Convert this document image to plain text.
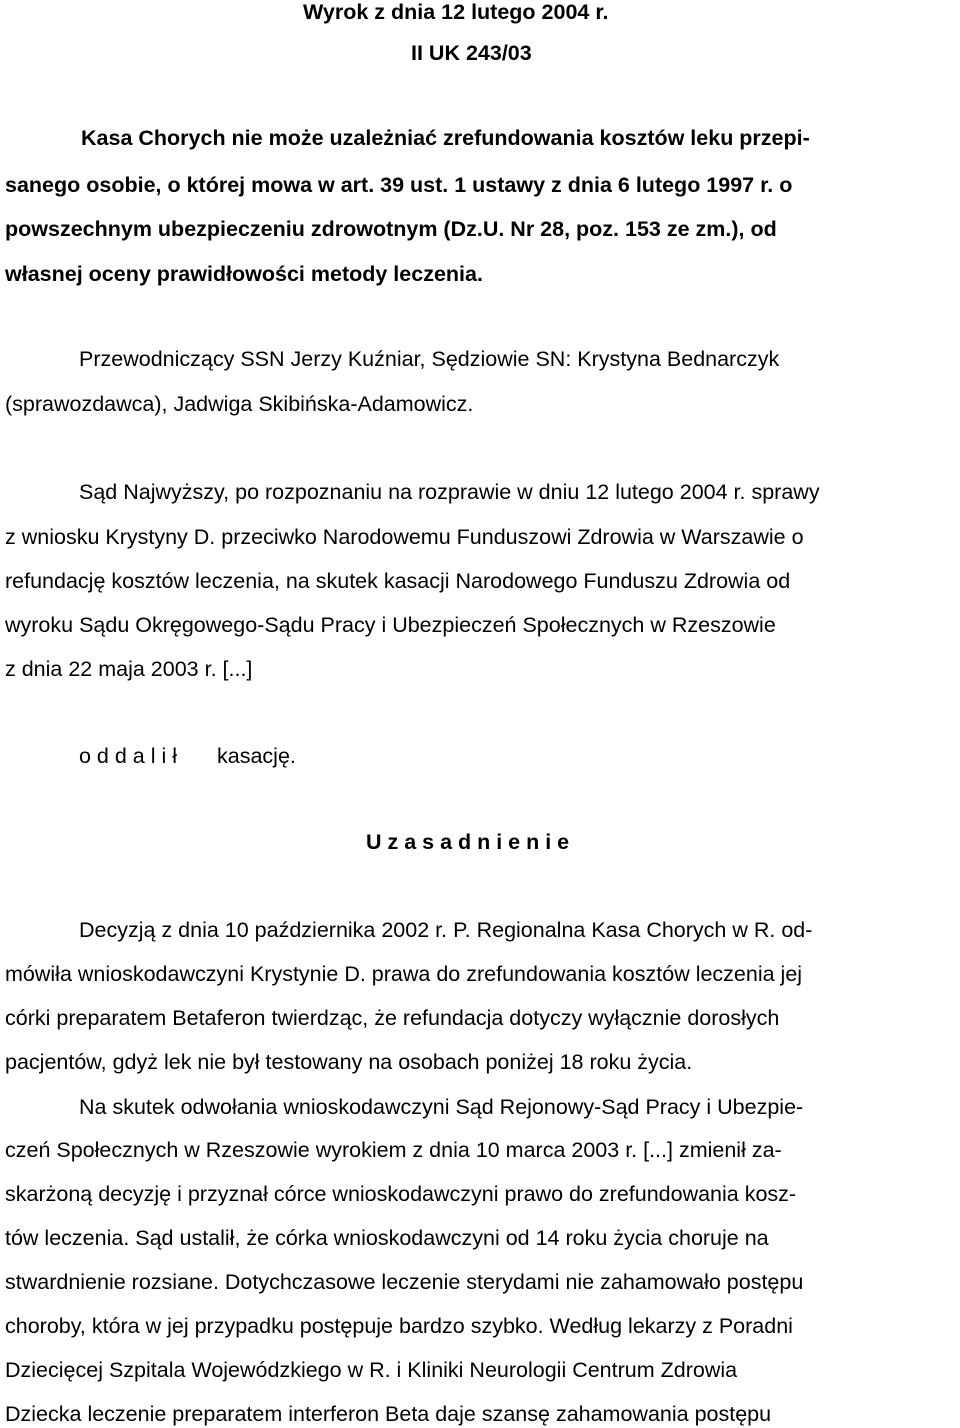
Wyrok z dnia 12 lutego 2004 r.
II UK 243/03
Kasa Chorych nie może uzależniać zrefundowania kosztów leku przepi-
sanego osobie, o której mowa w art. 39 ust. 1 ustawy z dnia 6 lutego 1997 r. o
powszechnym ubezpieczeniu zdrowotnym (Dz.U. Nr 28, poz. 153 ze zm.), od
własnej oceny prawidłowości metody leczenia.
Przewodniczący SSN Jerzy Kuźniar, Sędziowie SN: Krystyna Bednarczyk
(sprawozdawca), Jadwiga Skibińska-Adamowicz.
Sąd Najwyższy, po rozpoznaniu na rozprawie w dniu 12 lutego 2004 r. sprawy
z wniosku Krystyny D. przeciwko Narodowemu Funduszowi Zdrowia w Warszawie o
refundację kosztów leczenia, na skutek kasacji Narodowego Funduszu Zdrowia od
wyroku Sądu Okręgowego-Sądu Pracy i Ubezpieczeń Społecznych w Rzeszowie
z dnia 22 maja 2003 r. [...]
o d d a l i ł kasację.
U z a s a d n i e n i e
Decyzją z dnia 10 października 2002 r. P. Regionalna Kasa Chorych w R. od-
mówiła wnioskodawczyni Krystynie D. prawa do zrefundowania kosztów leczenia jej
córki preparatem Betaferon twierdząc, że refundacja dotyczy wyłącznie dorosłych
pacjentów, gdyż lek nie był testowany na osobach poniżej 18 roku życia.
Na skutek odwołania wnioskodawczyni Sąd Rejonowy-Sąd Pracy i Ubezpie-
czeń Społecznych w Rzeszowie wyrokiem z dnia 10 marca 2003 r. [...] zmienił za-
skarżoną decyzję i przyznał córce wnioskodawczyni prawo do zrefundowania kosz-
tów leczenia. Sąd ustalił, że córka wnioskodawczyni od 14 roku życia choruje na
stwardnienie rozsiane. Dotychczasowe leczenie sterydami nie zahamowało postępu
choroby, która w jej przypadku postępuje bardzo szybko. Według lekarzy z Poradni
Dziecięcej Szpitala Wojewódzkiego w R. i Kliniki Neurologii Centrum Zdrowia
Dziecka leczenie preparatem interferon Beta daje szansę zahamowania postępu
